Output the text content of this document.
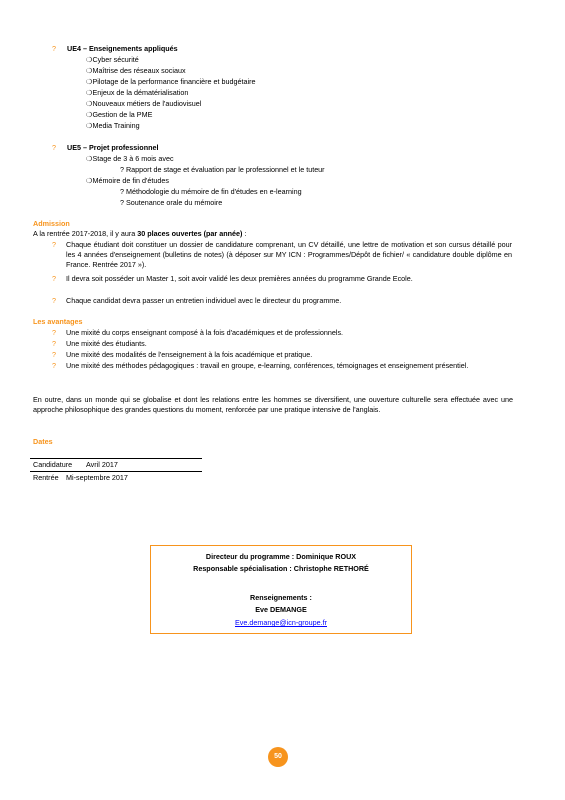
? UE4 – Enseignements appliqués
❍Cyber sécurité
❍Maîtrise des réseaux sociaux
❍Pilotage de la performance financière et budgétaire
❍Enjeux de la dématérialisation
❍Nouveaux métiers de l'audiovisuel
❍Gestion de la PME
❍Media Training
? UE5 – Projet professionnel
❍Stage de 3 à 6 mois avec
? Rapport de stage et évaluation par le professionnel et le tuteur
❍Mémoire de fin d'études
? Méthodologie du mémoire de fin d'études en e-learning
? Soutenance orale du mémoire
Admission
A la rentrée 2017-2018, il y aura 30 places ouvertes (par année) :
? Chaque étudiant doit constituer un dossier de candidature comprenant, un CV détaillé, une lettre de motivation et son cursus détaillé pour les 4 années d'enseignement (bulletins de notes) (à déposer sur MY ICN : Programmes/Dépôt de fichier/ « candidature double diplôme en France. Rentrée 2017 »).
? Il devra soit posséder un Master 1, soit avoir validé les deux premières années du programme Grande Ecole.
? Chaque candidat devra passer un entretien individuel avec le directeur du programme.
Les avantages
? Une mixité du corps enseignant composé à la fois d'académiques et de professionnels.
? Une mixité des étudiants.
? Une mixité des modalités de l'enseignement à la fois académique et pratique.
? Une mixité des méthodes pédagogiques : travail en groupe, e-learning, conférences, témoignages et enseignement présentiel.
En outre, dans un monde qui se globalise et dont les relations entre les hommes se diversifient, une ouverture culturelle sera effectuée avec une approche philosophique des grandes questions du moment, renforcée par une pratique intensive de l'anglais.
Dates
Candidature Avril 2017
Rentrée Mi-septembre 2017
Directeur du programme : Dominique ROUX
Responsable spécialisation : Christophe RETHORÉ
Renseignements :
Eve DEMANGE
Eve.demange@icn-groupe.fr
50
